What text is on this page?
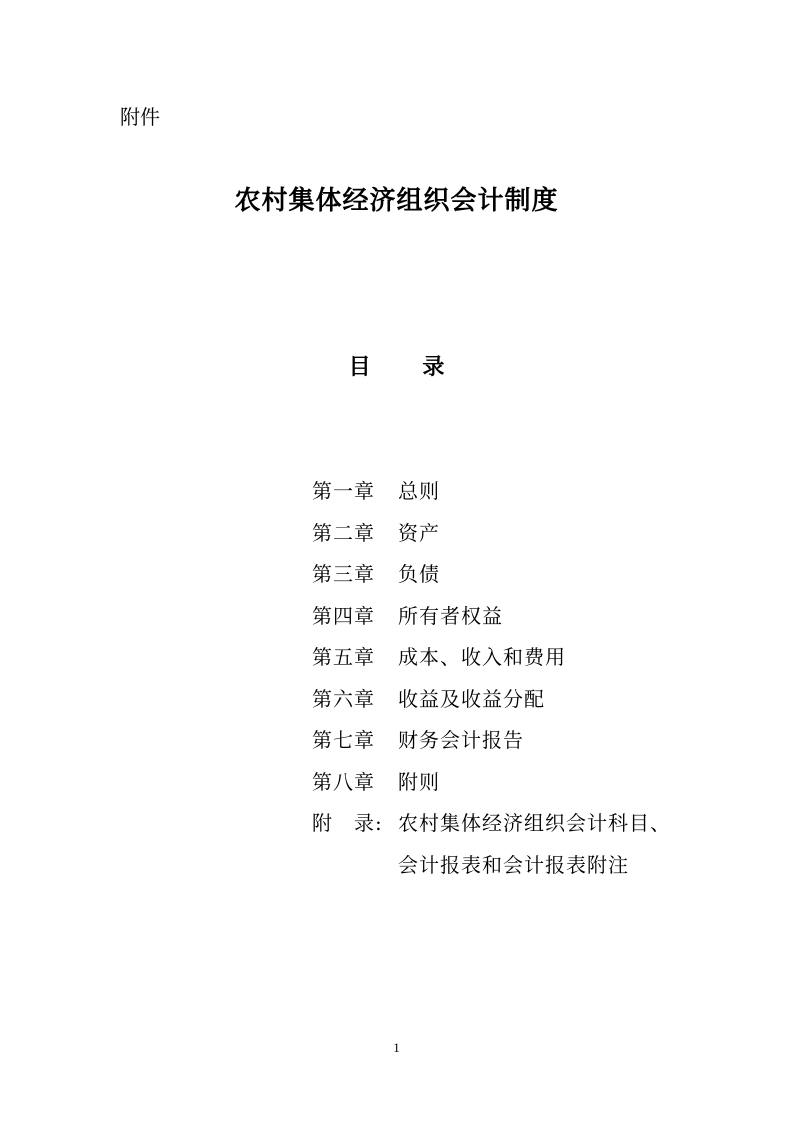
附件
农村集体经济组织会计制度
目 录
第一章	总则
第二章	资产
第三章	负债
第四章	所有者权益
第五章	成本、收入和费用
第六章	收益及收益分配
第七章	财务会计报告
第八章	附则
附　录: 农村集体经济组织会计科目、
会计报表和会计报表附注
1
